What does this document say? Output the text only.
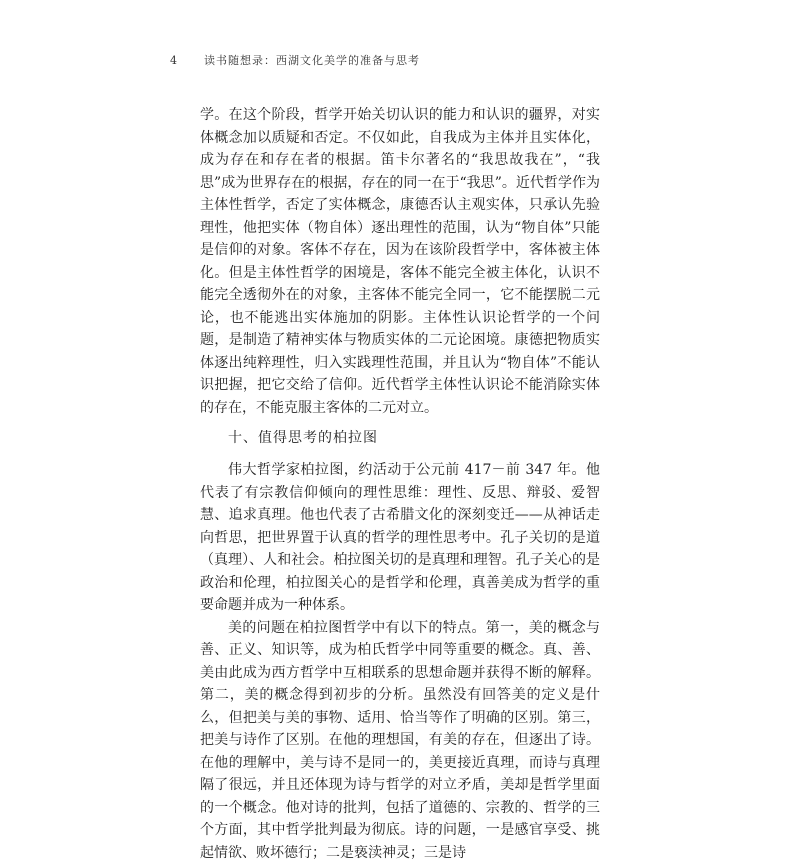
4 读书随想录：西湖文化美学的准备与思考

学。在这个阶段，哲学开始关切认识的能力和认识的疆界，对实体概念加以质疑和否定。不仅如此，自我成为主体并且实体化，成为存在和存在者的根据。笛卡尔著名的“我思故我在”，“我思”成为世界存在的根据，存在的同一在于“我思”。近代哲学作为主体性哲学，否定了实体概念，康德否认主观实体，只承认先验理性，他把实体（物自体）逐出理性的范围，认为“物自体”只能是信仰的对象。客体不存在，因为在该阶段哲学中，客体被主体化。但是主体性哲学的困境是，客体不能完全被主体化，认识不能完全透彻外在的对象，主客体不能完全同一，它不能摆脱二元论，也不能逃出实体施加的阴影。主体性认识论哲学的一个问题，是制造了精神实体与物质实体的二元论困境。康德把物质实体逐出纯粹理性，归入实践理性范围，并且认为“物自体”不能认识把握，把它交给了信仰。近代哲学主体性认识论不能消除实体的存在，不能克服主客体的二元对立。

十、值得思考的柏拉图

伟大哲学家柏拉图，约活动于公元前 417－前 347 年。他代表了有宗教信仰倾向的理性思维：理性、反思、辩驳、爱智慧、追求真理。他也代表了古希腊文化的深刻变迁——从神话走向哲思，把世界置于认真的哲学的理性思考中。孔子关切的是道（真理）、人和社会。柏拉图关切的是真理和理智。孔子关心的是政治和伦理，柏拉图关心的是哲学和伦理，真善美成为哲学的重要命题并成为一种体系。

美的问题在柏拉图哲学中有以下的特点。第一，美的概念与善、正义、知识等，成为柏氏哲学中同等重要的概念。真、善、美由此成为西方哲学中互相联系的思想命题并获得不断的解释。第二，美的概念得到初步的分析。虽然没有回答美的定义是什么，但把美与美的事物、适用、恰当等作了明确的区别。第三，把美与诗作了区别。在他的理想国，有美的存在，但逐出了诗。在他的理解中，美与诗不是同一的，美更接近真理，而诗与真理隔了很远，并且还体现为诗与哲学的对立矛盾，美却是哲学里面的一个概念。他对诗的批判，包括了道德的、宗教的、哲学的三个方面，其中哲学批判最为彻底。诗的问题，一是感官享受、挑起情欲、败坏德行；二是亵渎神灵；三是诗
